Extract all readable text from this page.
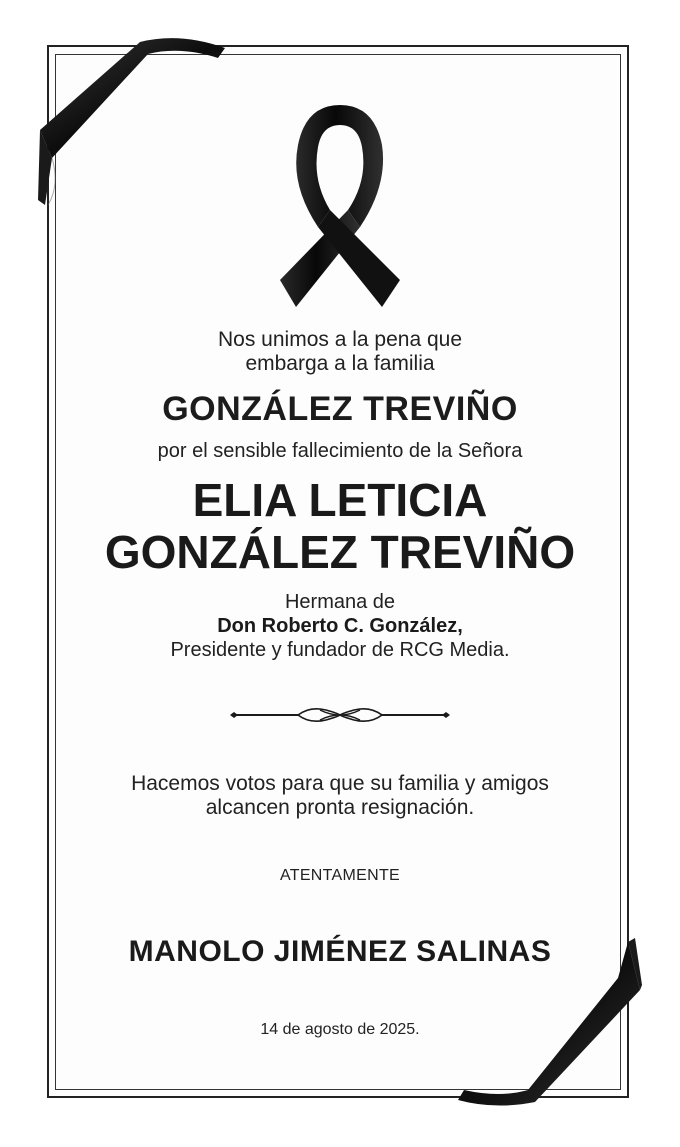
Nos unimos a la pena que
embarga a la familia
GONZÁLEZ TREVIÑO
por el sensible fallecimiento de la Señora
ELIA LETICIA
GONZÁLEZ TREVIÑO
Hermana de
Don Roberto C. González,
Presidente y fundador de RCG Media.
Hacemos votos para que su familia y amigos
alcancen pronta resignación.
ATENTAMENTE
MANOLO JIMÉNEZ SALINAS
14 de agosto de 2025.
